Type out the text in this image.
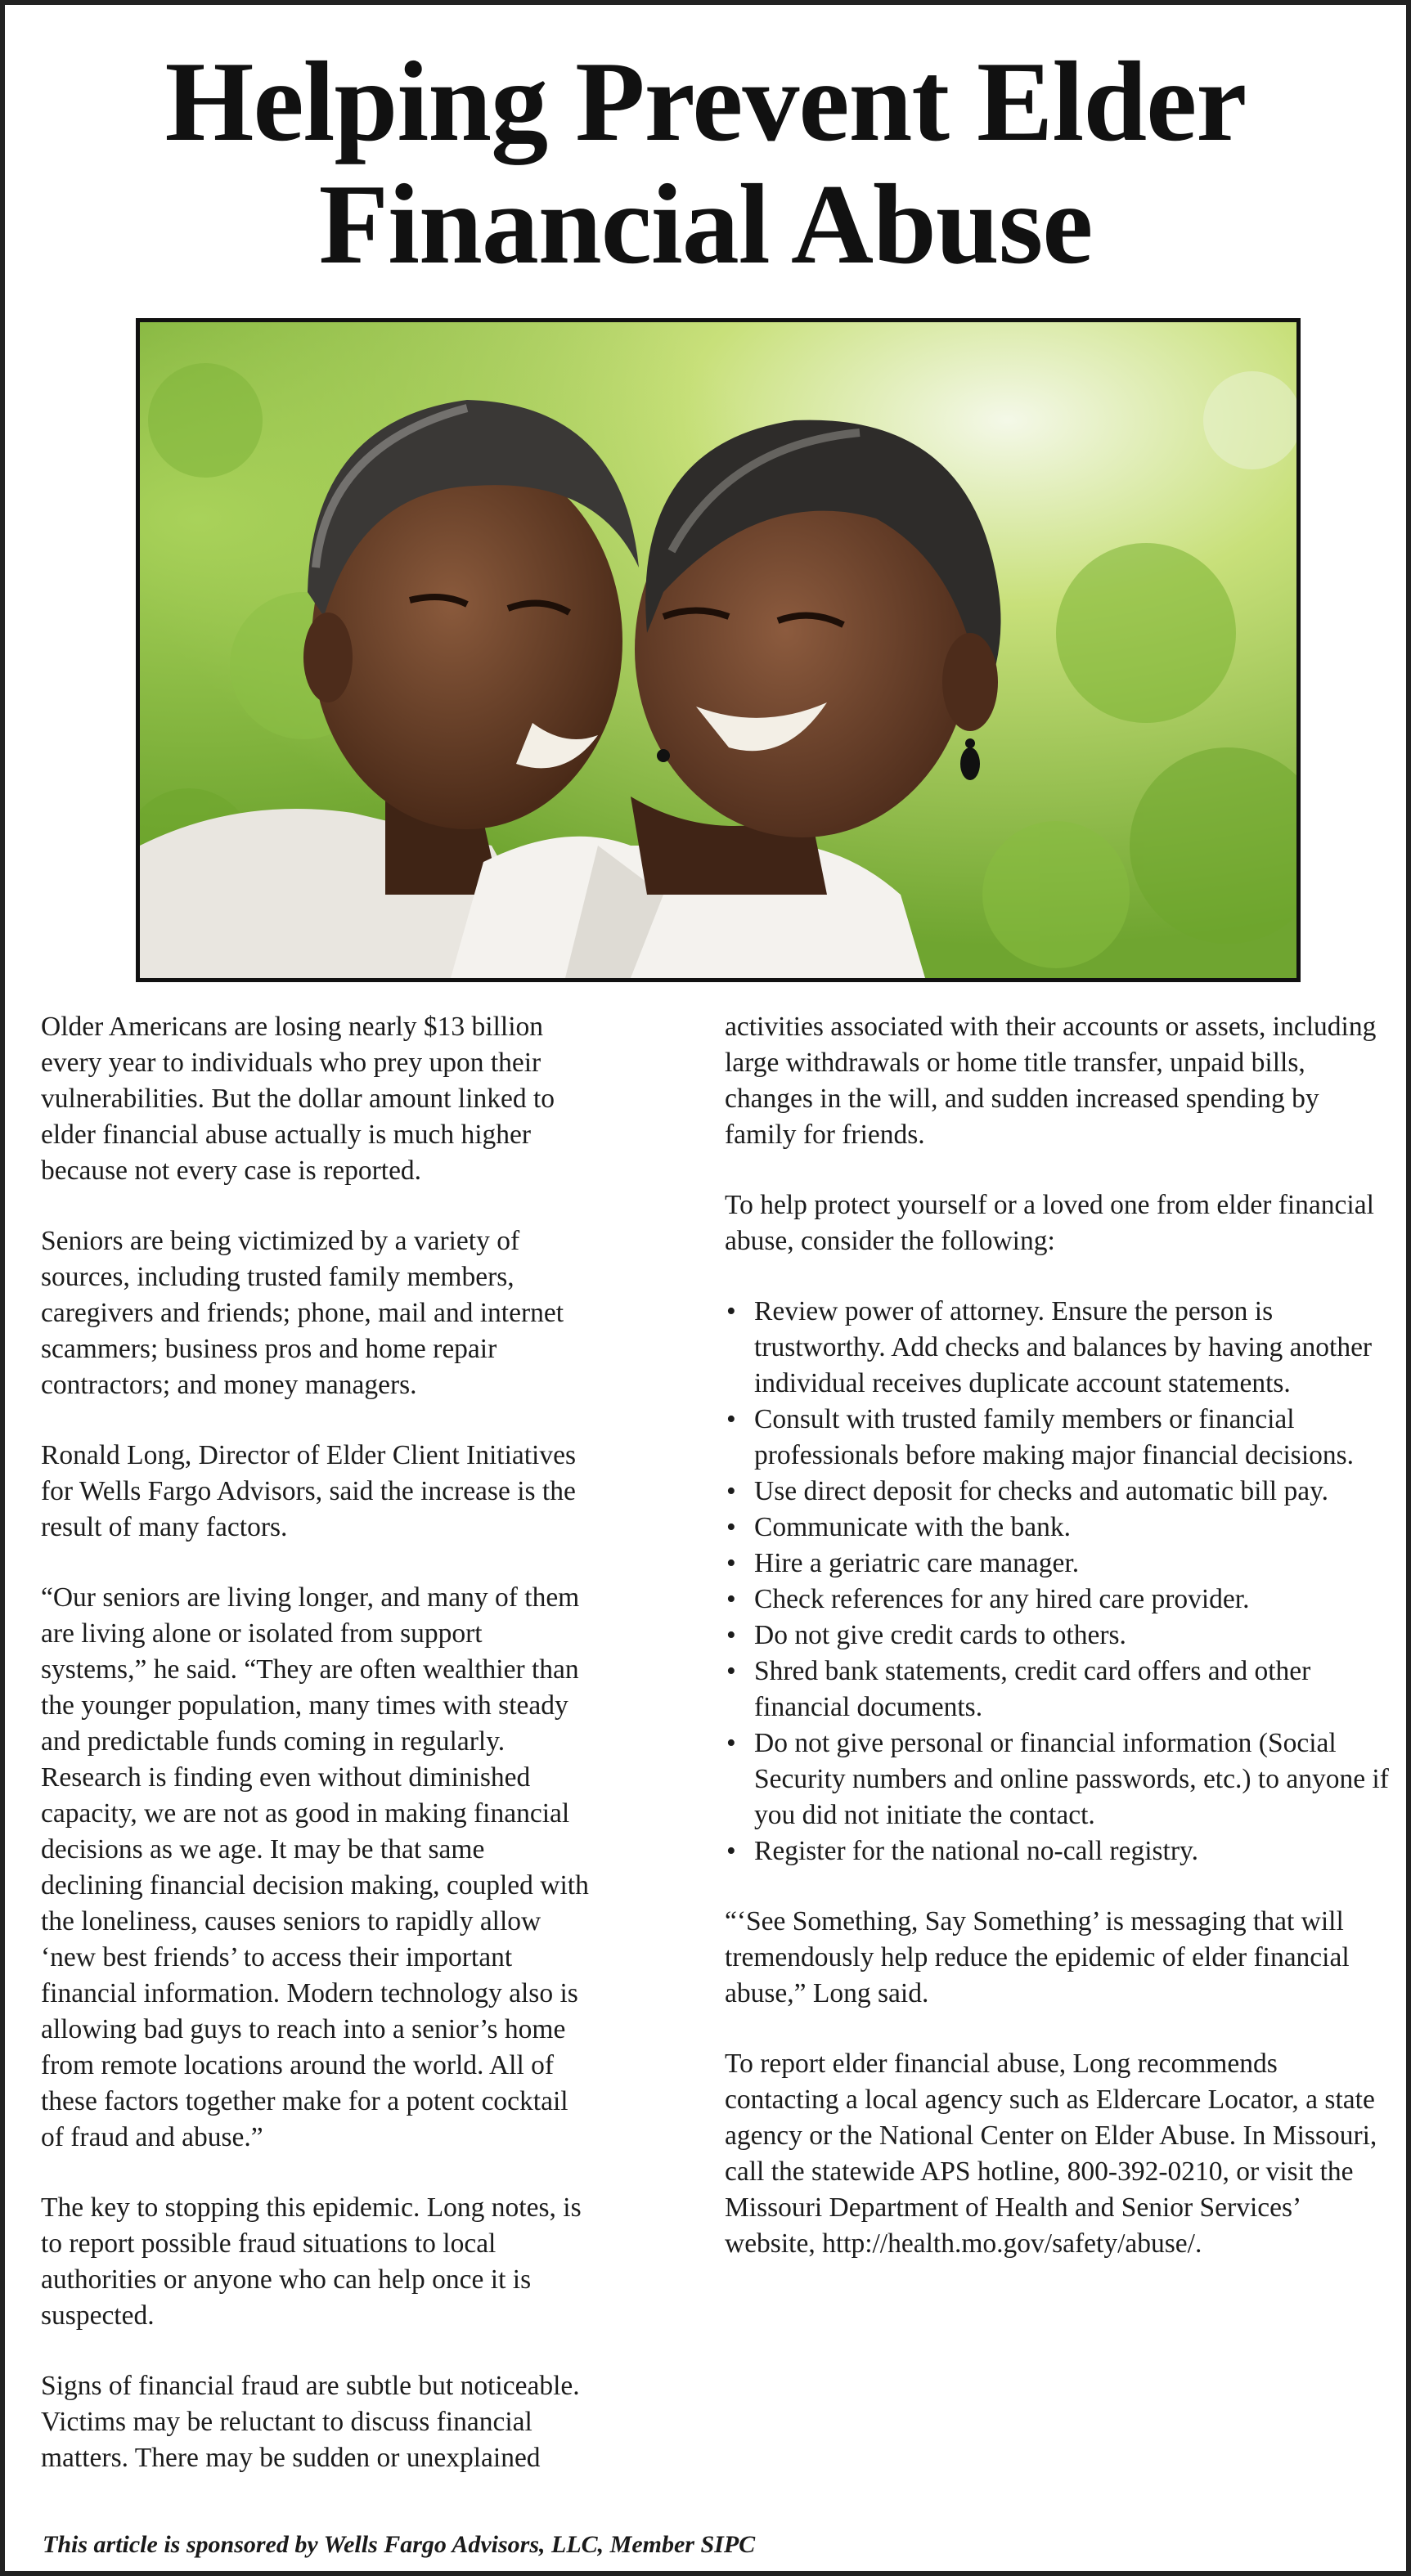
Helping Prevent Elder
Financial Abuse

Older Americans are losing nearly $13 billion every year to individuals who prey upon their vulnerabilities. But the dollar amount linked to elder financial abuse actually is much higher because not every case is reported.

Seniors are being victimized by a variety of sources, including trusted family members, caregivers and friends; phone, mail and internet scammers; business pros and home repair contractors; and money managers.

Ronald Long, Director of Elder Client Initiatives for Wells Fargo Advisors, said the increase is the result of many factors.

“Our seniors are living longer, and many of them are living alone or isolated from support systems,” he said. “They are often wealthier than the younger population, many times with steady and predictable funds coming in regularly. Research is finding even without diminished capacity, we are not as good in making financial decisions as we age. It may be that same declining financial decision making, coupled with the loneliness, causes seniors to rapidly allow ‘new best friends’ to access their important financial information. Modern technology also is allowing bad guys to reach into a senior’s home from remote locations around the world. All of these factors together make for a potent cocktail of fraud and abuse.”

The key to stopping this epidemic. Long notes, is to report possible fraud situations to local authorities or anyone who can help once it is suspected.

Signs of financial fraud are subtle but noticeable. Victims may be reluctant to discuss financial matters. There may be sudden or unexplained

activities associated with their accounts or assets, including large withdrawals or home title transfer, unpaid bills, changes in the will, and sudden increased spending by family for friends.

To help protect yourself or a loved one from elder financial abuse, consider the following:

• Review power of attorney. Ensure the person is trustworthy. Add checks and balances by having another individual receives duplicate account statements.
• Consult with trusted family members or financial professionals before making major financial decisions.
• Use direct deposit for checks and automatic bill pay.
• Communicate with the bank.
• Hire a geriatric care manager.
• Check references for any hired care provider.
• Do not give credit cards to others.
• Shred bank statements, credit card offers and other financial documents.
• Do not give personal or financial information (Social Security numbers and online passwords, etc.) to anyone if you did not initiate the contact.
• Register for the national no-call registry.

“‘See Something, Say Something’ is messaging that will tremendously help reduce the epidemic of elder financial abuse,” Long said.

To report elder financial abuse, Long recommends contacting a local agency such as Eldercare Locator, a state agency or the National Center on Elder Abuse. In Missouri, call the statewide APS hotline, 800-392-0210, or visit the Missouri Department of Health and Senior Services’ website, http://health.mo.gov/safety/abuse/.

This article is sponsored by Wells Fargo Advisors, LLC, Member SIPC
